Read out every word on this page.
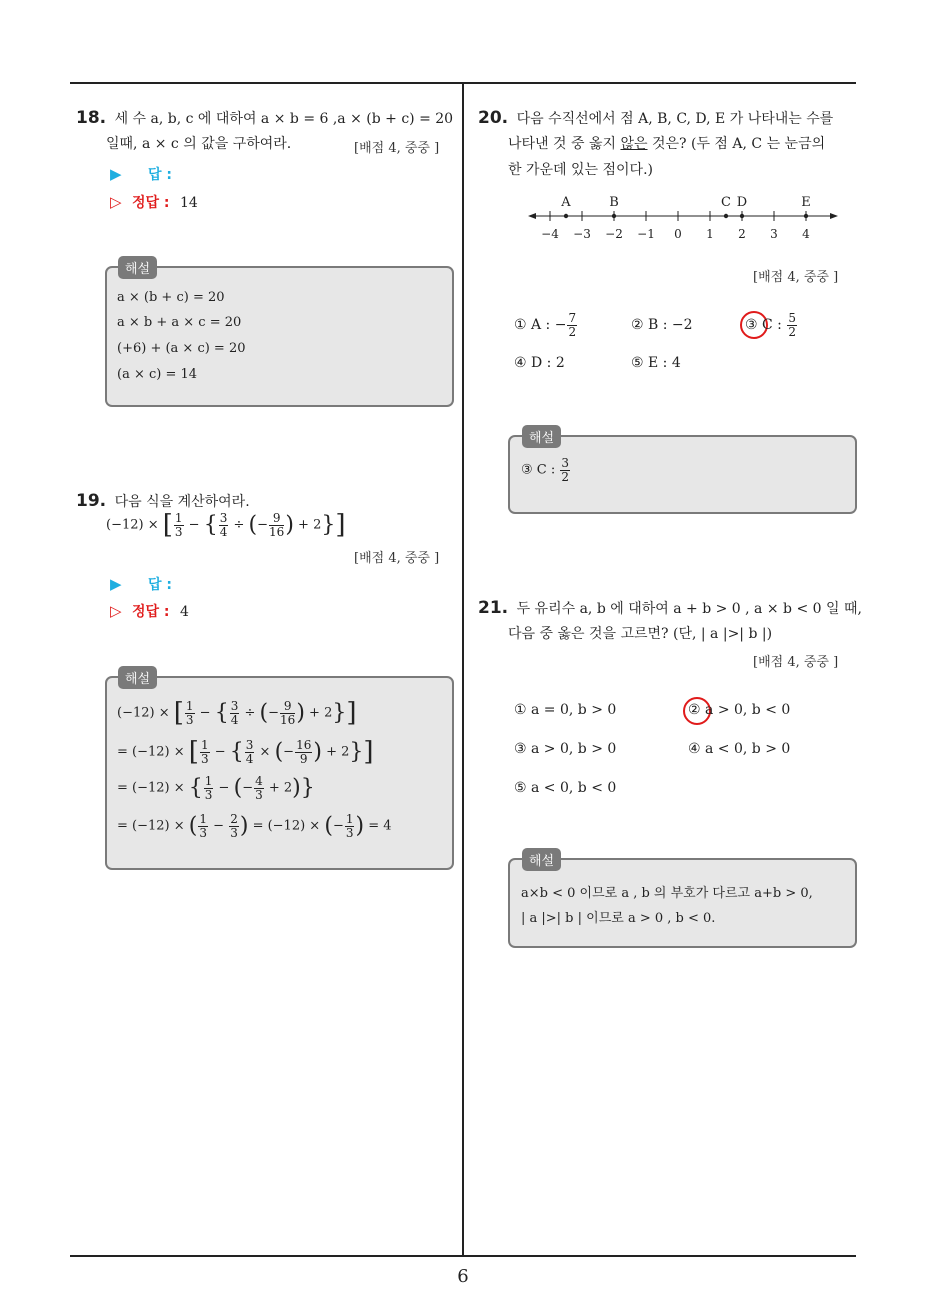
6
18. 세 수 a, b, c 에 대하여 a × b = 6 ,a × (b + c) = 20
일때, a × c 의 값을 구하여라.	[배점 4, 중중 ]
▶ 답 :
▷ 정답 : 14
해설
a × (b + c) = 20
a × b + a × c = 20
(+6) + (a × c) = 20
(a × c) = 14
19. 다음 식을 계산하여라.
(−12) × [ $\frac{1}{3}$ − { $\frac{3}{4}$ ÷ (− $\frac{9}{16}$ ) + 2}]
[배점 4, 중중 ]
▶ 답 :
▷ 정답 : 4
해설
(−12) × [ $\frac{1}{3}$ − { $\frac{3}{4}$ ÷ (− $\frac{9}{16}$ ) + 2}]
= (−12) × [ $\frac{1}{3}$ − { $\frac{3}{4}$ × (− $\frac{16}{9}$ ) + 2}]
= (−12) × { $\frac{1}{3}$ − (− $\frac{4}{3} + 2$)}
= (−12) × ( $\frac{1}{3} - \frac{2}{3}$ ) = (−12) × (− $\frac{1}{3}$ ) = 4
20. 다음 수직선에서 점 A, B, C, D, E 가 나타내는 수를
나타낸 것 중 옳지 않은 것은? (두 점 A, C 는 눈금의
한 가운데 있는 점이다.)
−4 −3 −2 −1 0 1 2 3 4
A	B	C D	E
[배점 4, 중중 ]
① A : − $\frac{7}{2}$	② B : −2	③ C : $\frac{5}{2}$
④ D : 2	⑤ E : 4
해설
③ C : $\frac{3}{2}$
21. 두 유리수 a, b 에 대하여 a + b > 0 , a × b < 0 일 때,
다음 중 옳은 것을 고르면? (단, | a |>| b |)
[배점 4, 중중 ]
① a = 0, b > 0	② a > 0, b < 0
③ a > 0, b > 0	④ a < 0, b > 0
⑤ a < 0, b < 0
해설
a×b < 0 이므로 a , b 의 부호가 다르고 a+b > 0,
| a |>| b | 이므로 a > 0 , b < 0.
